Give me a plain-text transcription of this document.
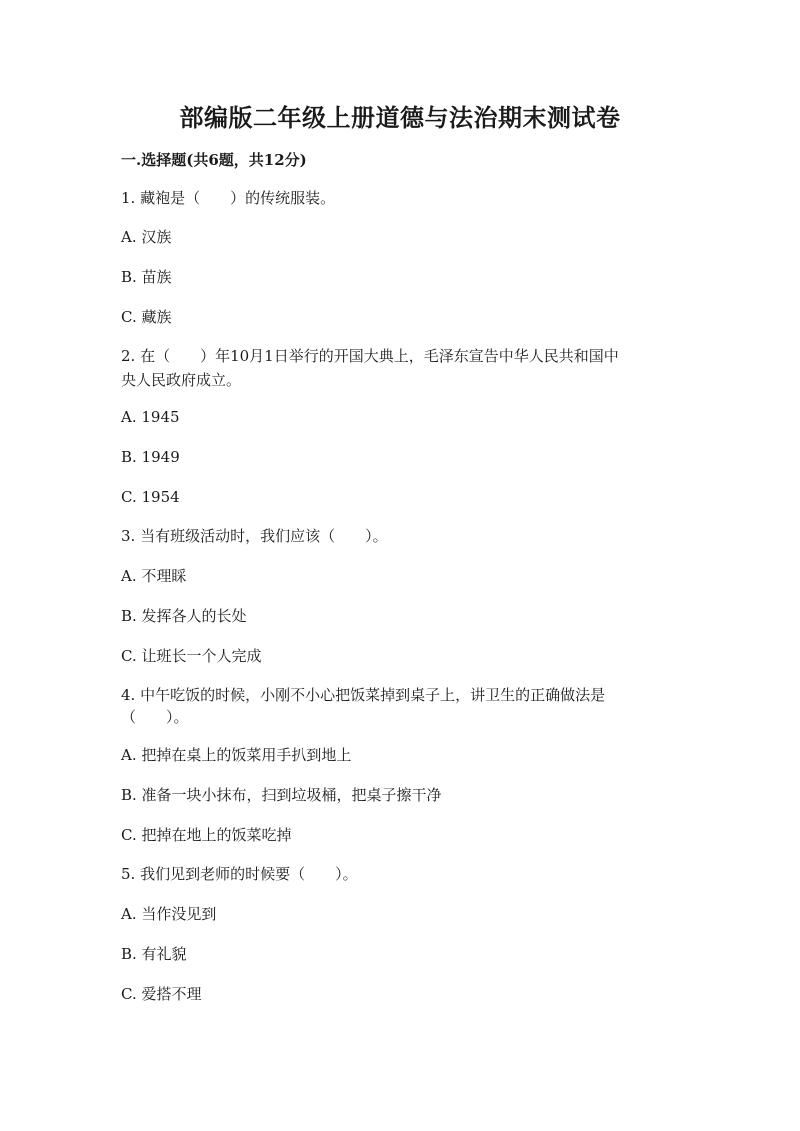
部编版二年级上册道德与法治期末测试卷
一.选择题(共6题，共12分)
1. 藏袍是（　　）的传统服装。
A. 汉族
B. 苗族
C. 藏族
2. 在（　　）年10月1日举行的开国大典上，毛泽东宣告中华人民共和国中
央人民政府成立。
A. 1945
B. 1949
C. 1954
3. 当有班级活动时，我们应该（　　）。
A. 不理睬
B. 发挥各人的长处
C. 让班长一个人完成
4. 中午吃饭的时候，小刚不小心把饭菜掉到桌子上，讲卫生的正确做法是
（　　）。
A. 把掉在桌上的饭菜用手扒到地上
B. 准备一块小抹布，扫到垃圾桶，把桌子擦干净
C. 把掉在地上的饭菜吃掉
5. 我们见到老师的时候要（　　）。
A. 当作没见到
B. 有礼貌
C. 爱搭不理
